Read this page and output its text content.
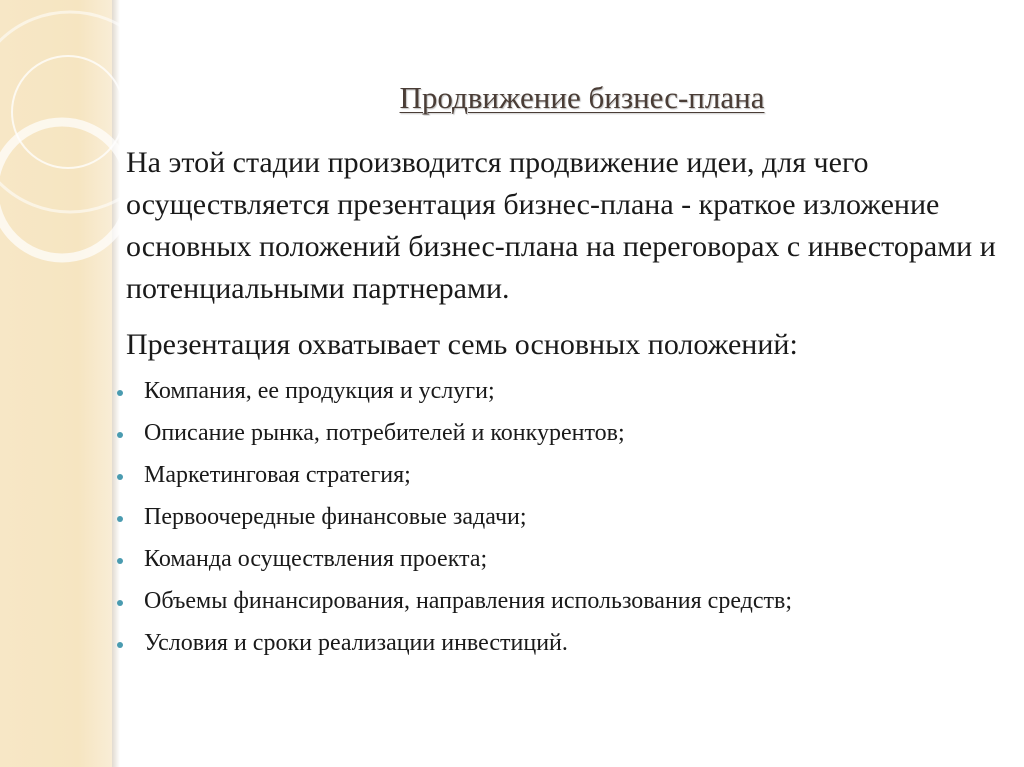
Продвижение бизнес-плана

На этой стадии производится продвижение идеи, для чего осуществляется презентация бизнес-плана - краткое изложение основных положений бизнес-плана на переговорах с инвесторами и потенциальными партнерами.

Презентация охватывает семь основных положений:

Компания, ее продукция и услуги;
Описание рынка, потребителей и конкурентов;
Маркетинговая стратегия;
Первоочередные финансовые задачи;
Команда осуществления проекта;
Объемы финансирования, направления использования средств;
Условия и сроки реализации инвестиций.
